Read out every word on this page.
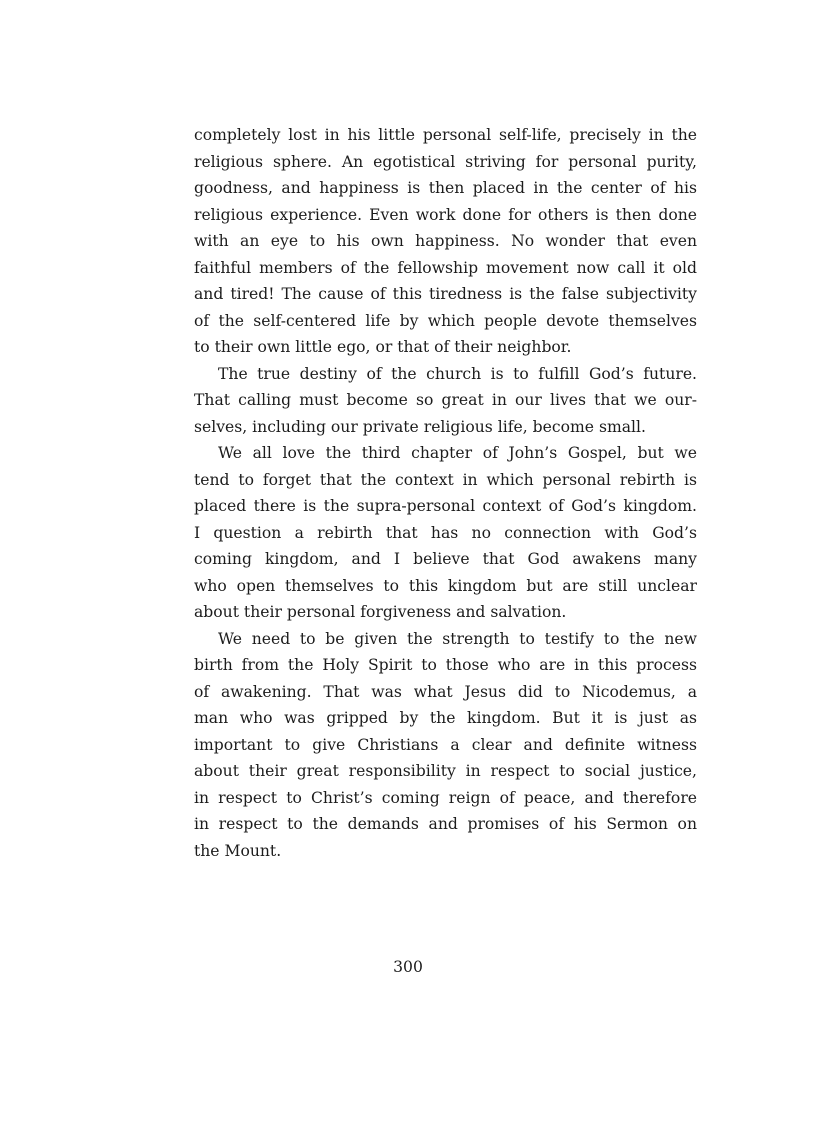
completely lost in his little personal self-life, precisely in the
religious sphere. An egotistical striving for personal purity,
goodness, and happiness is then placed in the center of his
religious experience. Even work done for others is then done
with an eye to his own happiness. No wonder that even
faithful members of the fellowship movement now call it old
and tired! The cause of this tiredness is the false subjectivity
of the self-centered life by which people devote themselves
to their own little ego, or that of their neighbor.
The true destiny of the church is to fulfill God’s future.
That calling must become so great in our lives that we our-
selves, including our private religious life, become small.
We all love the third chapter of John’s Gospel, but we
tend to forget that the context in which personal rebirth is
placed there is the supra-personal context of God’s kingdom.
I question a rebirth that has no connection with God’s
coming kingdom, and I believe that God awakens many
who open themselves to this kingdom but are still unclear
about their personal forgiveness and salvation.
We need to be given the strength to testify to the new
birth from the Holy Spirit to those who are in this process
of awakening. That was what Jesus did to Nicodemus, a
man who was gripped by the kingdom. But it is just as
important to give Christians a clear and definite witness
about their great responsibility in respect to social justice,
in respect to Christ’s coming reign of peace, and therefore
in respect to the demands and promises of his Sermon on
the Mount.
300
